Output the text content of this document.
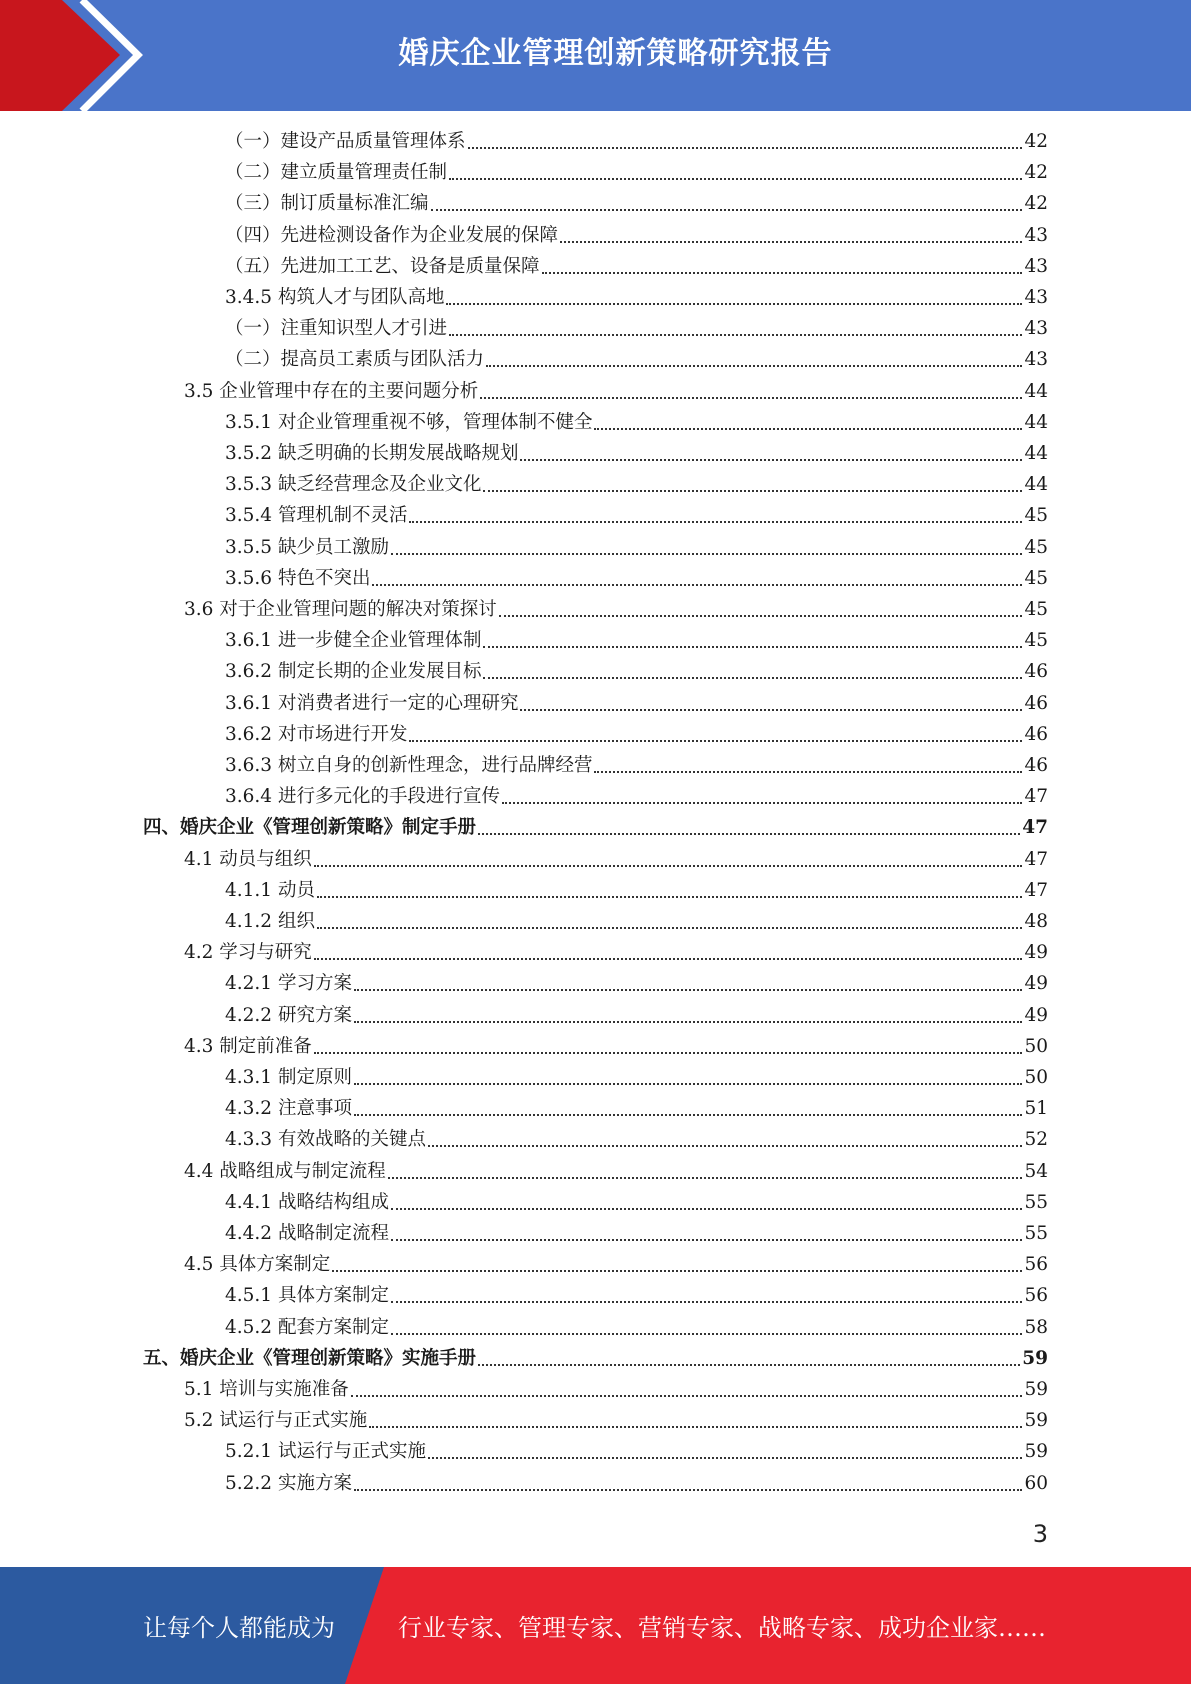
婚庆企业管理创新策略研究报告
（一）建设产品质量管理体系	42
（二）建立质量管理责任制	42
（三）制订质量标准汇编	42
（四）先进检测设备作为企业发展的保障	43
（五）先进加工工艺、设备是质量保障	43
3.4.5 构筑人才与团队高地	43
（一）注重知识型人才引进	43
（二）提高员工素质与团队活力	43
3.5 企业管理中存在的主要问题分析	44
3.5.1 对企业管理重视不够，管理体制不健全	44
3.5.2 缺乏明确的长期发展战略规划	44
3.5.3 缺乏经营理念及企业文化	44
3.5.4 管理机制不灵活	45
3.5.5 缺少员工激励	45
3.5.6 特色不突出	45
3.6 对于企业管理问题的解决对策探讨	45
3.6.1 进一步健全企业管理体制	45
3.6.2 制定长期的企业发展目标	46
3.6.1 对消费者进行一定的心理研究	46
3.6.2 对市场进行开发	46
3.6.3 树立自身的创新性理念，进行品牌经营	46
3.6.4 进行多元化的手段进行宣传	47
四、婚庆企业《管理创新策略》制定手册	47
4.1 动员与组织	47
4.1.1 动员	47
4.1.2 组织	48
4.2 学习与研究	49
4.2.1 学习方案	49
4.2.2 研究方案	49
4.3 制定前准备	50
4.3.1 制定原则	50
4.3.2 注意事项	51
4.3.3 有效战略的关键点	52
4.4 战略组成与制定流程	54
4.4.1 战略结构组成	55
4.4.2 战略制定流程	55
4.5 具体方案制定	56
4.5.1 具体方案制定	56
4.5.2 配套方案制定	58
五、婚庆企业《管理创新策略》实施手册	59
5.1 培训与实施准备	59
5.2 试运行与正式实施	59
5.2.1 试运行与正式实施	59
5.2.2 实施方案	60
3
让每个人都能成为	行业专家、管理专家、营销专家、战略专家、成功企业家……
